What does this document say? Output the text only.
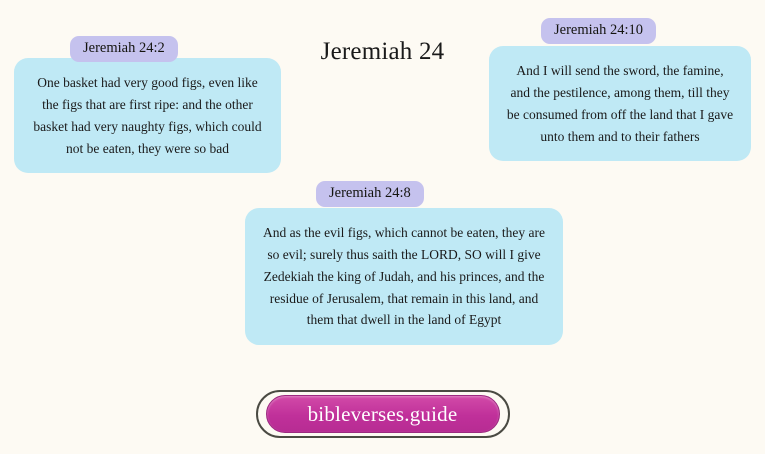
Jeremiah 24
One basket had very good figs, even like the figs that are first ripe: and the other basket had very naughty figs, which could not be eaten, they were so bad
Jeremiah 24:2
And I will send the sword, the famine, and the pestilence, among them, till they be consumed from off the land that I gave unto them and to their fathers
Jeremiah 24:10
And as the evil figs, which cannot be eaten, they are so evil; surely thus saith the LORD, SO will I give Zedekiah the king of Judah, and his princes, and the residue of Jerusalem, that remain in this land, and them that dwell in the land of Egypt
Jeremiah 24:8
bibleverses.guide
